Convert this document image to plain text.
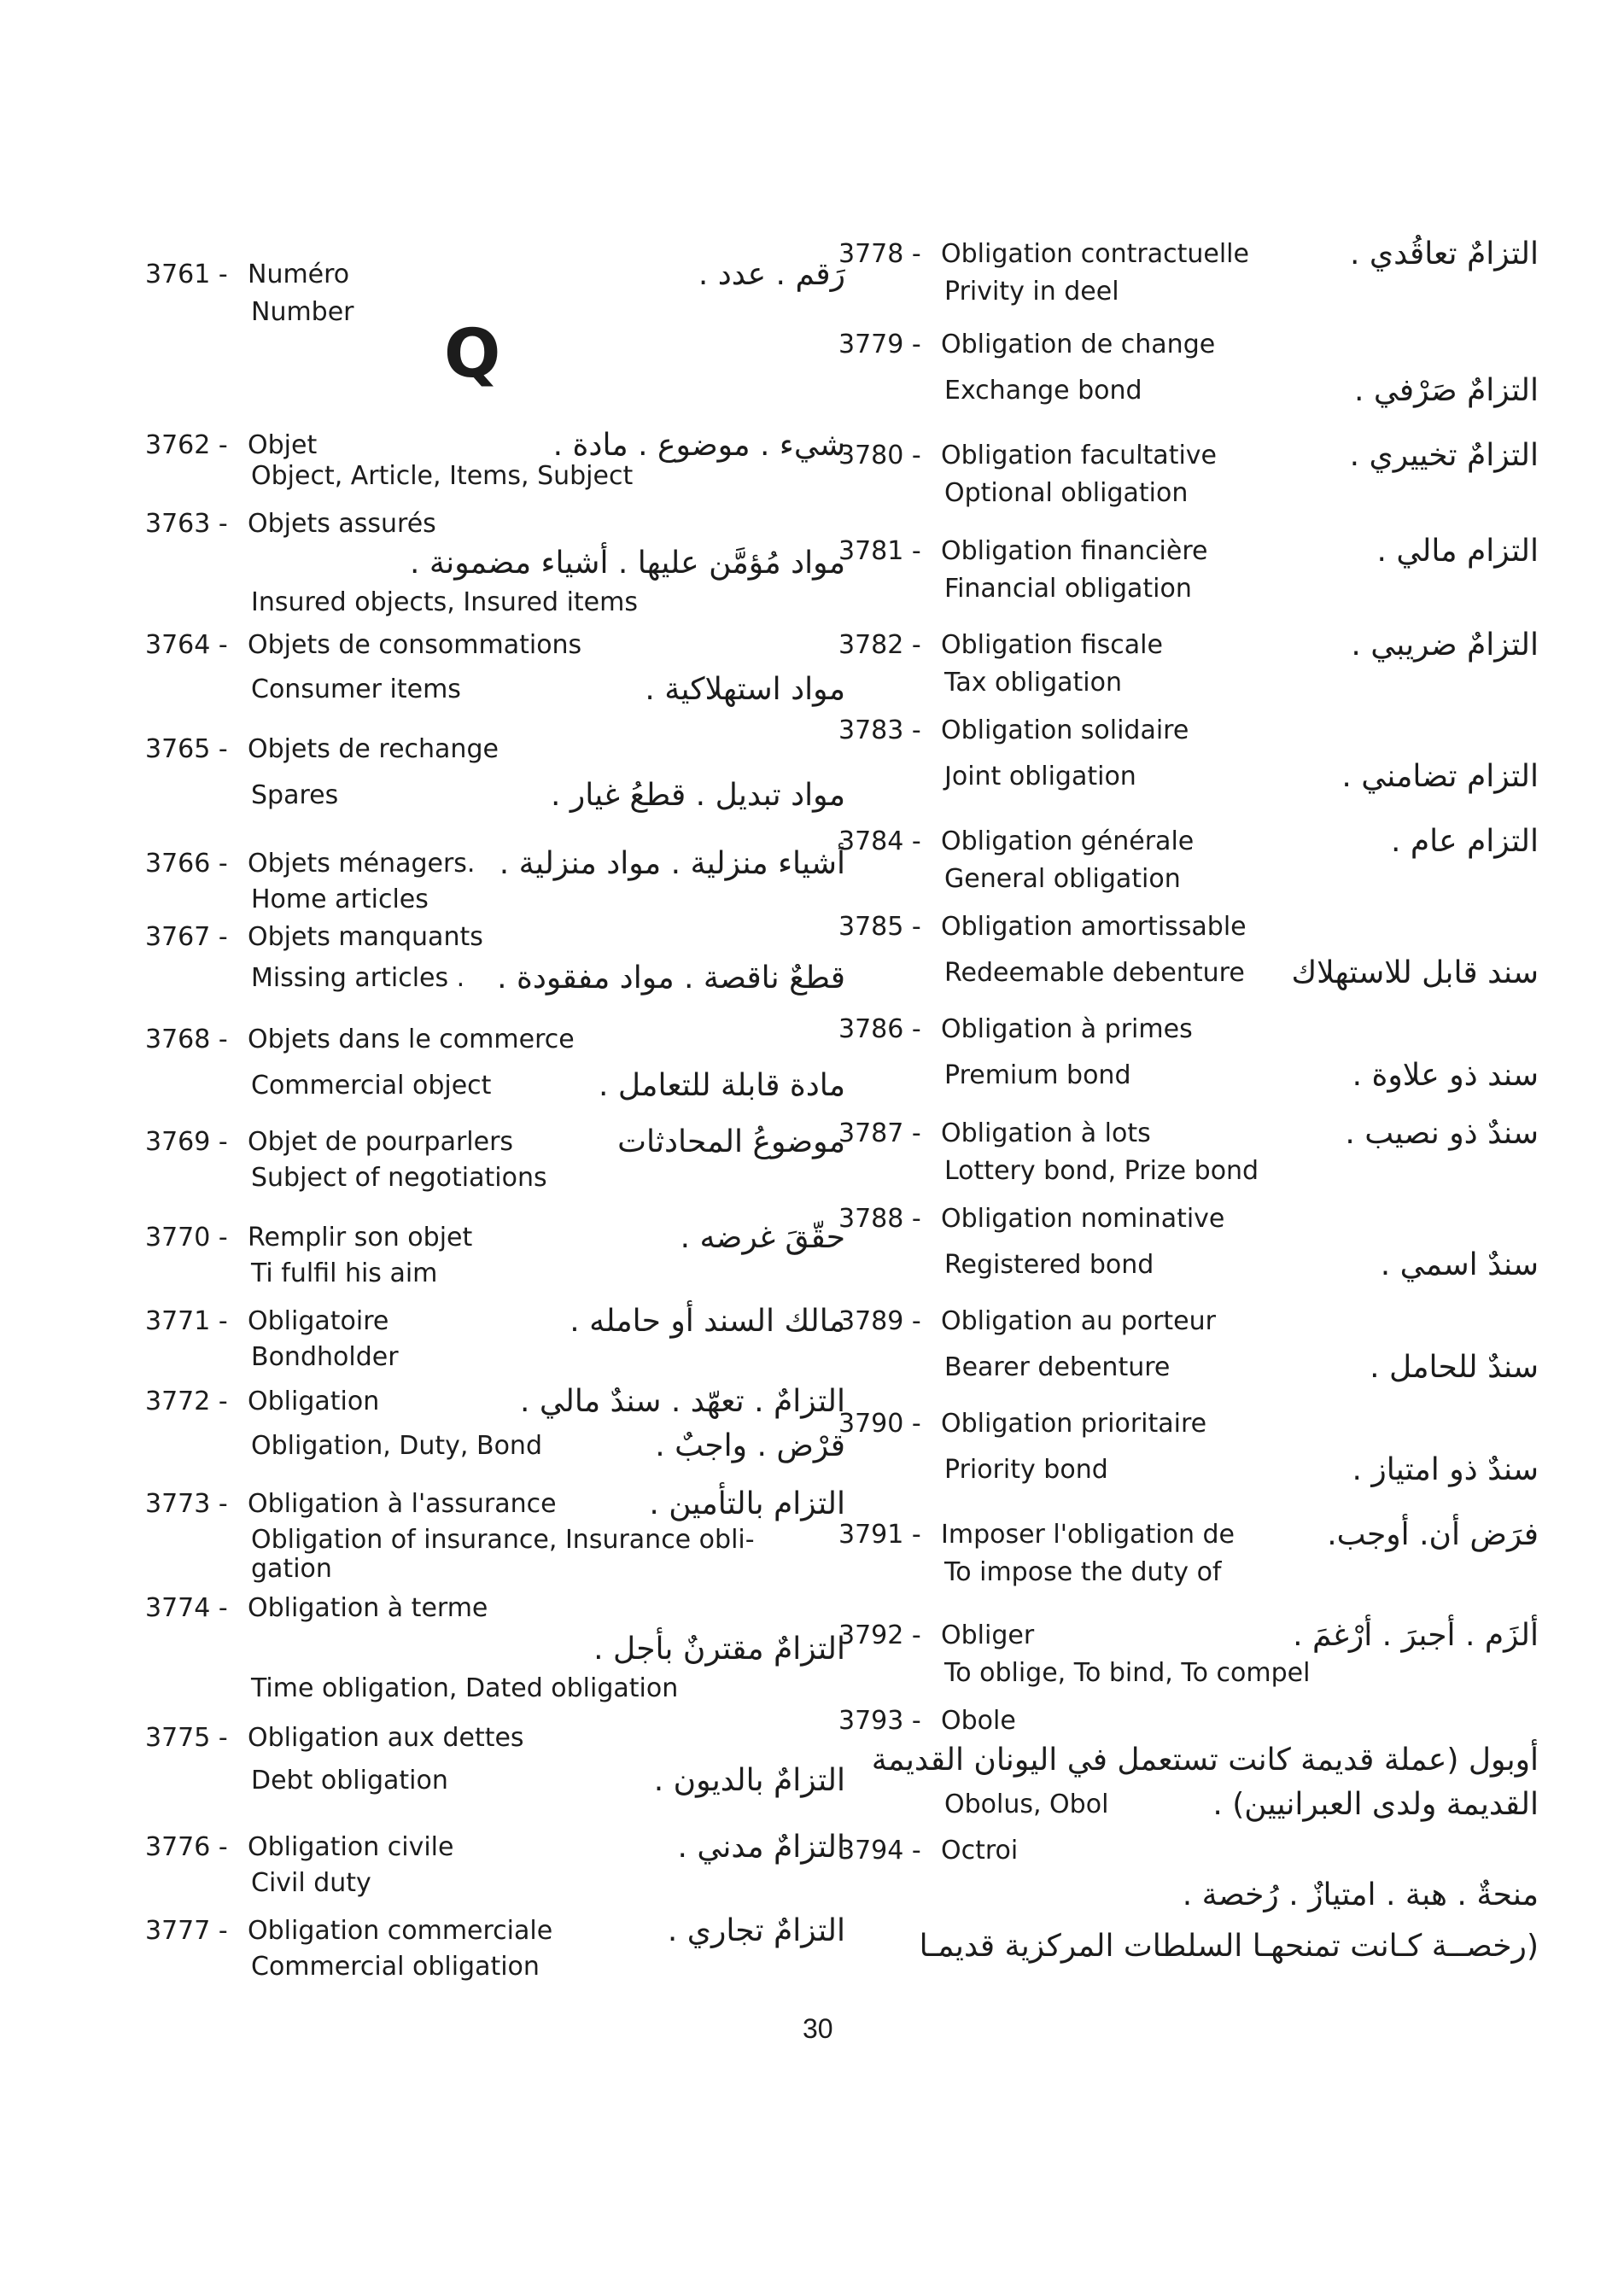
Q
3761 - Numéro	رَقم . عدد .
Number
3762 - Objet	شيء . موضوع . مادة .
Object, Article, Items, Subject
3763 - Objets assurés
مواد مُؤمَّن عليها . أشياء مضمونة .
Insured objects, Insured items
3764 - Objets de consommations
Consumer items	مواد استهلاكية .
3765 - Objets de rechange
Spares	مواد تبديل . قطعُ غيار .
3766 - Objets ménagers. أشياء منزلية . مواد منزلية .
Home articles
3767 - Objets manquants
Missing articles . قطعٌ ناقصة . مواد مفقودة .
3768 - Objets dans le commerce
Commercial object	مادة قابلة للتعامل .
3769 - Objet de pourparlers	موضوعُ المحادثات
Subject of negotiations
3770 - Remplir son objet	حقّقَ غرضه .
Ti fulfil his aim
3771 - Obligatoire	مالك السند أو حامله .
Bondholder
3772 - Obligation	التزامٌ . تعهّد . سندٌ مالي .
Obligation, Duty, Bond	قرْض . واجبٌ .
3773 - Obligation à l'assurance	التزام بالتأمين .
Obligation of insurance, Insurance obli-
gation
3774 - Obligation à terme
التزامٌ مقترنٌ بأجل .
Time obligation, Dated obligation
3775 - Obligation aux dettes
Debt obligation	التزامٌ بالديون .
3776 - Obligation civile	التزامٌ مدني .
Civil duty
3777 - Obligation commerciale	التزامٌ تجاري .
Commercial obligation
3778 - Obligation contractuelle	التزامٌ تعاقُدي .
Privity in deel
3779 - Obligation de change
Exchange bond	التزامٌ صَرْفي .
3780 - Obligation facultative	التزامٌ تخييري .
Optional obligation
3781 - Obligation financière	التزام مالي .
Financial obligation
3782 - Obligation fiscale	التزامٌ ضريبي .
Tax obligation
3783 - Obligation solidaire
Joint obligation	التزام تضامني .
3784 - Obligation générale	التزام عام .
General obligation
3785 - Obligation amortissable
Redeemable debenture سند قابل للاستهلاك
3786 - Obligation à primes
Premium bond	سند ذو علاوة .
3787 - Obligation à lots	سندٌ ذو نصيب .
Lottery bond, Prize bond
3788 - Obligation nominative
Registered bond	سندٌ اسمي .
3789 - Obligation au porteur
Bearer debenture	سندٌ للحامل .
3790 - Obligation prioritaire
Priority bond	سندٌ ذو امتياز .
3791 - Imposer l'obligation de	فرَض أن. أوجب.
To impose the duty of
3792 - Obliger	ألزَم . أجبرَ . أرْغمَ .
To oblige, To bind, To compel
3793 - Obole
أوبول (عملة قديمة كانت تستعمل في اليونان القديمة
Obolus, Obol	القديمة ولدى العبرانيين) .
3794 - Octroi
منحةٌ . هبة . امتيازٌ . رُخصة .
(رخصــة كـانت تمنحهـا السلطات المركزية قديمـا
30
